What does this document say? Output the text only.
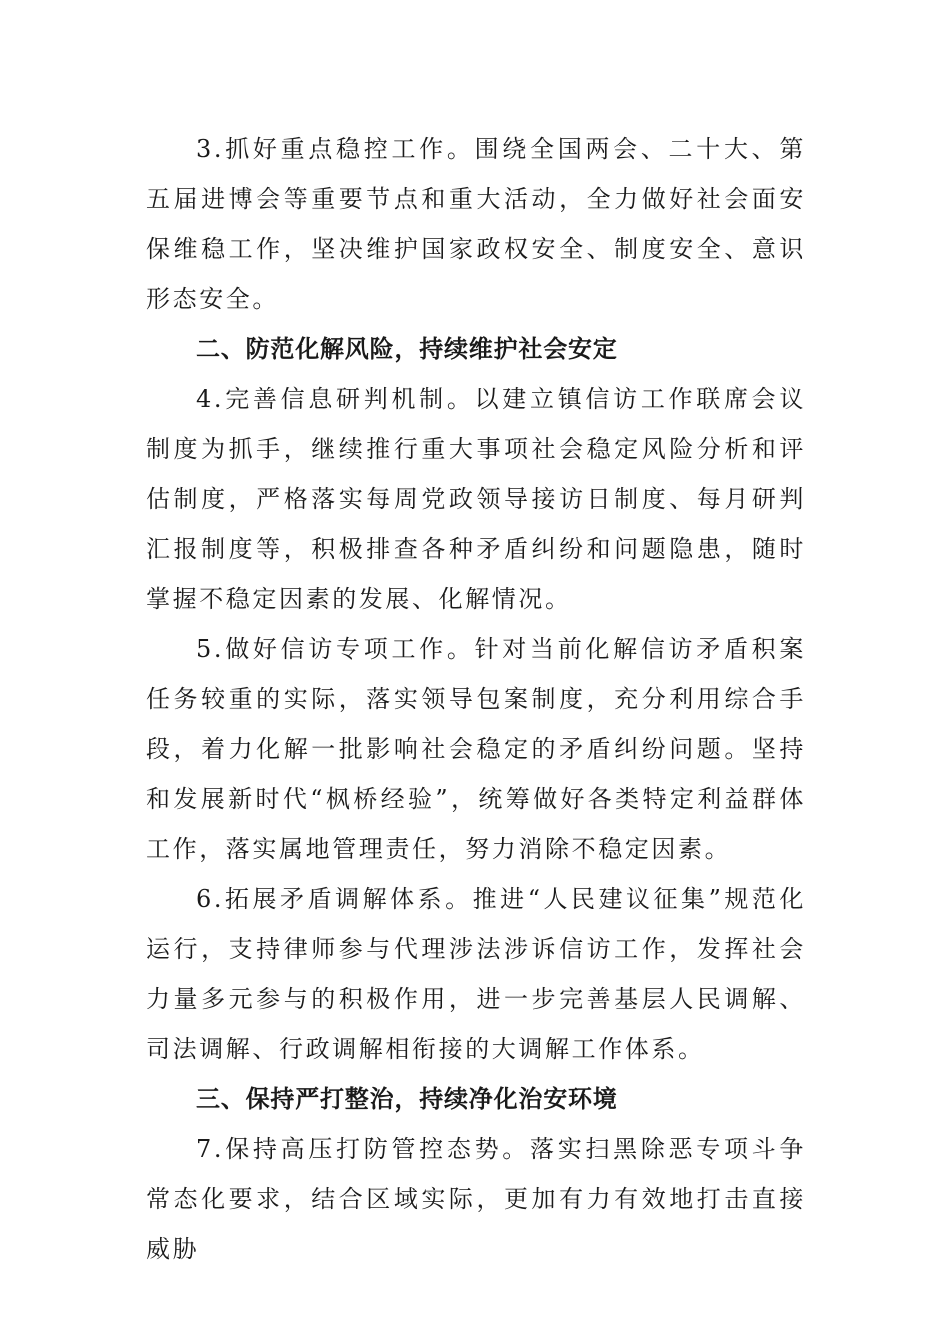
3.抓好重点稳控工作。围绕全国两会、二十大、第五届进博会等重要节点和重大活动，全力做好社会面安保维稳工作，坚决维护国家政权安全、制度安全、意识形态安全。

二、防范化解风险，持续维护社会安定

4.完善信息研判机制。以建立镇信访工作联席会议制度为抓手，继续推行重大事项社会稳定风险分析和评估制度，严格落实每周党政领导接访日制度、每月研判汇报制度等，积极排查各种矛盾纠纷和问题隐患，随时掌握不稳定因素的发展、化解情况。

5.做好信访专项工作。针对当前化解信访矛盾积案任务较重的实际，落实领导包案制度，充分利用综合手段，着力化解一批影响社会稳定的矛盾纠纷问题。坚持和发展新时代“枫桥经验”，统筹做好各类特定利益群体工作，落实属地管理责任，努力消除不稳定因素。

6.拓展矛盾调解体系。推进“人民建议征集”规范化运行，支持律师参与代理涉法涉诉信访工作，发挥社会力量多元参与的积极作用，进一步完善基层人民调解、司法调解、行政调解相衔接的大调解工作体系。

三、保持严打整治，持续净化治安环境

7.保持高压打防管控态势。落实扫黑除恶专项斗争常态化要求，结合区域实际，更加有力有效地打击直接威胁
